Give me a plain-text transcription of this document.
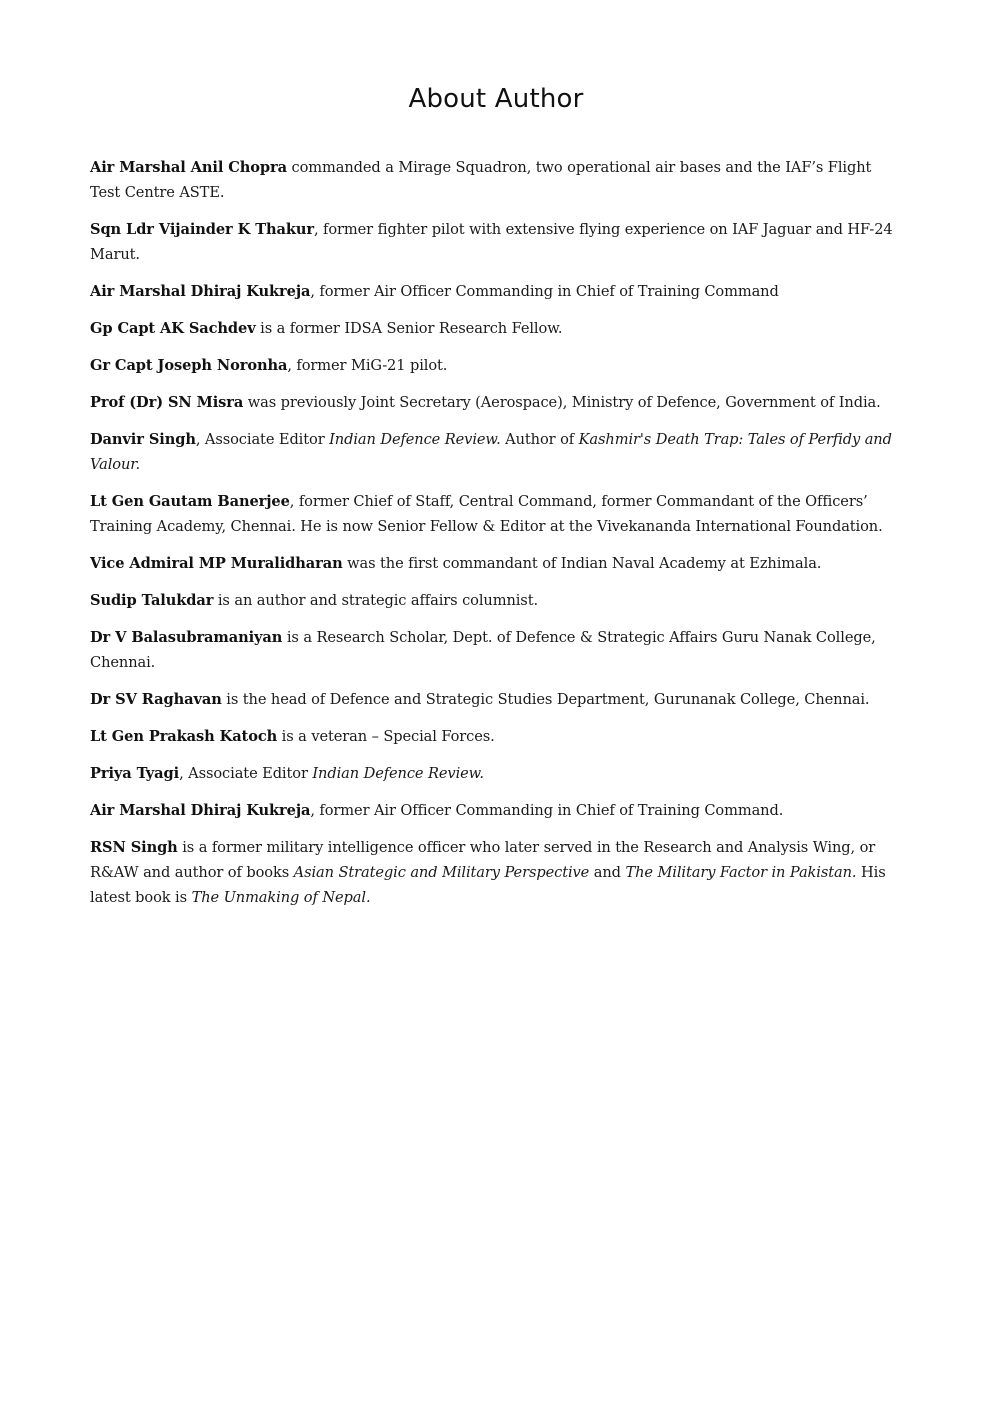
About Author

Air Marshal Anil Chopra commanded a Mirage Squadron, two operational air bases and the IAF’s Flight Test Centre ASTE.

Sqn Ldr Vijainder K Thakur, former fighter pilot with extensive flying experience on IAF Jaguar and HF-24 Marut.

Air Marshal Dhiraj Kukreja, former Air Officer Commanding in Chief of Training Command

Gp Capt AK Sachdev is a former IDSA Senior Research Fellow.

Gr Capt Joseph Noronha, former MiG-21 pilot.

Prof (Dr) SN Misra was previously Joint Secretary (Aerospace), Ministry of Defence, Government of India.

Danvir Singh, Associate Editor Indian Defence Review. Author of Kashmir's Death Trap: Tales of Perfidy and Valour.

Lt Gen Gautam Banerjee, former Chief of Staff, Central Command, former Commandant of the Officers’ Training Academy, Chennai. He is now Senior Fellow & Editor at the Vivekananda International Foundation.

Vice Admiral MP Muralidharan was the first commandant of Indian Naval Academy at Ezhimala.

Sudip Talukdar is an author and strategic affairs columnist.

Dr V Balasubramaniyan is a Research Scholar, Dept. of Defence & Strategic Affairs Guru Nanak College, Chennai.

Dr SV Raghavan is the head of Defence and Strategic Studies Department, Gurunanak College, Chennai.

Lt Gen Prakash Katoch is a veteran – Special Forces.

Priya Tyagi, Associate Editor Indian Defence Review.

Air Marshal Dhiraj Kukreja, former Air Officer Commanding in Chief of Training Command.

RSN Singh is a former military intelligence officer who later served in the Research and Analysis Wing, or R&AW and author of books Asian Strategic and Military Perspective and The Military Factor in Pakistan. His latest book is The Unmaking of Nepal.
